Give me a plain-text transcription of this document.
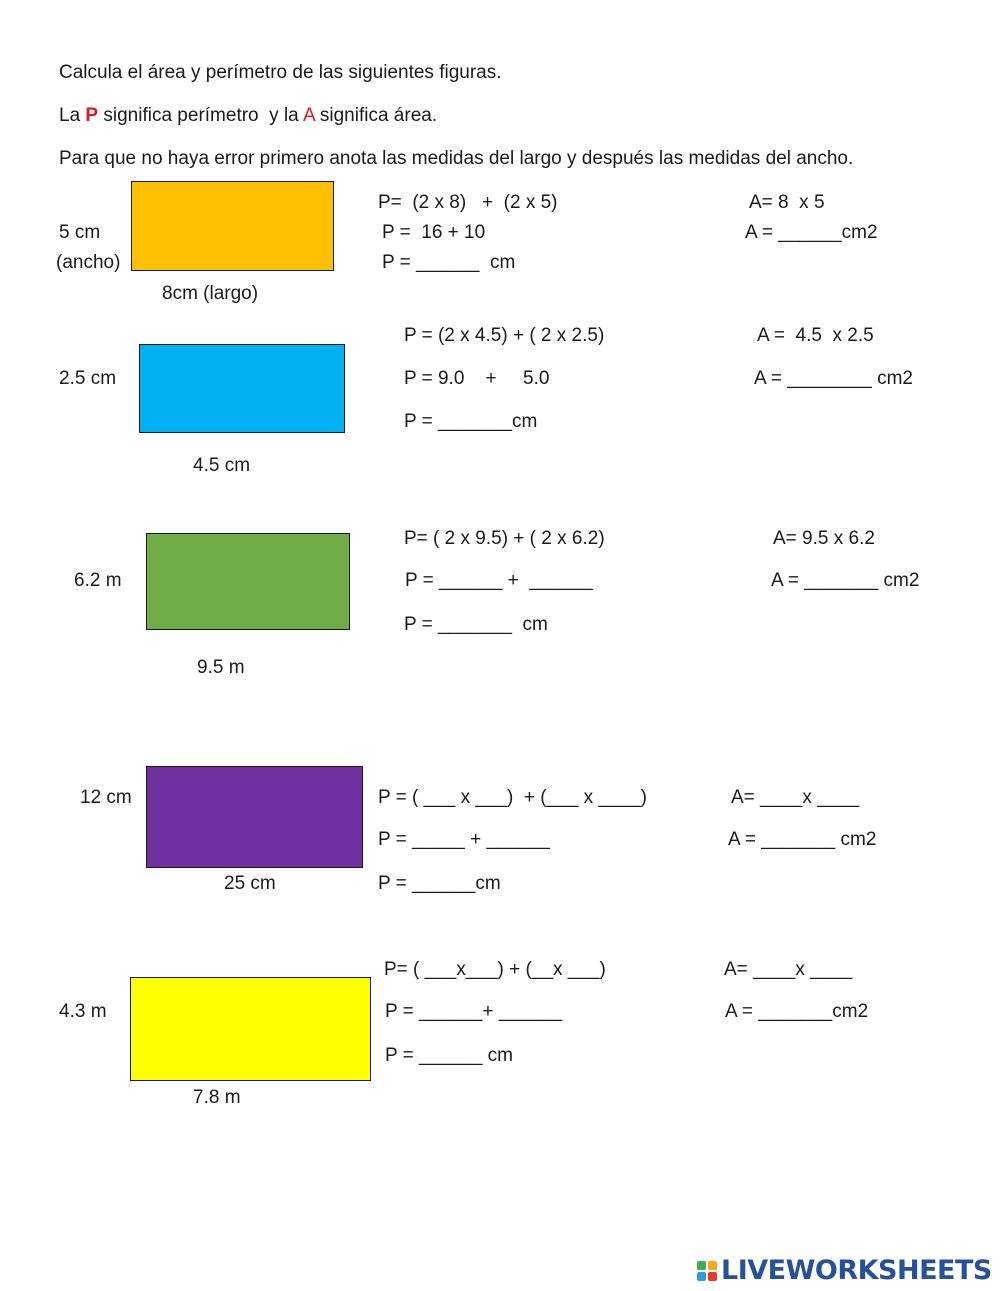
Calcula el área y perímetro de las siguientes figuras.
La P significa perímetro  y la A significa área.
Para que no haya error primero anota las medidas del largo y después las medidas del ancho.
5 cm
(ancho)
8cm (largo)
P=  (2 x 8)   +  (2 x 5)
P =  16 + 10
P = ______  cm
A= 8  x 5
A = ______cm2
2.5 cm
4.5 cm
P = (2 x 4.5) + ( 2 x 2.5)
P = 9.0    +     5.0
P = _______cm
A =  4.5  x 2.5
A = ________ cm2
6.2 m
9.5 m
P= ( 2 x 9.5) + ( 2 x 6.2)
P = ______ +  ______
P = _______  cm
A= 9.5 x 6.2
A = _______ cm2
12 cm
25 cm
P = ( ___ x ___)  + (___ x ____)
P = _____ + ______
P = ______cm
A= ____x ____
A = _______ cm2
4.3 m
7.8 m
P= ( ___x___) + (__x ___)
P = ______+ ______
P = ______ cm
A= ____x ____
A = _______cm2
LIVEWORKSHEETS
